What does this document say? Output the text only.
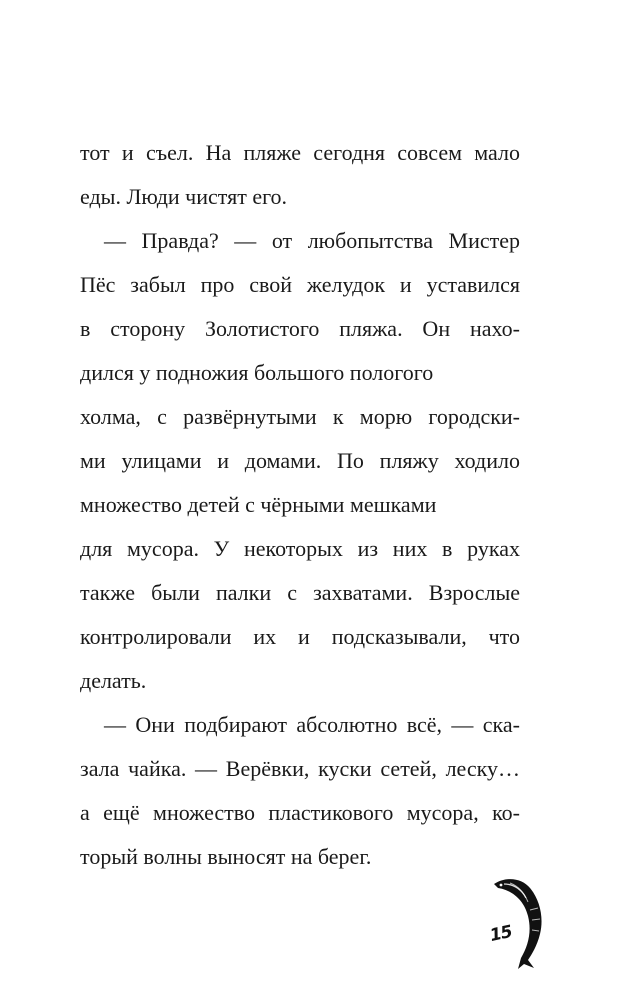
тот и съел. На пляже сегодня совсем мало

еды. Люди чистят его.

— Правда? — от любопытства Мистер

Пёс забыл про свой желудок и уставился

в сторону Золотистого пляжа. Он нахо-

дился у подножия большого пологого

холма, с развёрнутыми к морю городски-

ми улицами и домами. По пляжу ходило

множество детей с чёрными мешками

для мусора. У некоторых из них в руках

также были палки с захватами. Взрослые

контролировали их и подсказывали, что

делать.

— Они подбирают абсолютно всё, — ска-

зала чайка. — Верёвки, куски сетей, леску…

а ещё множество пластикового мусора, ко-

торый волны выносят на берег.

15
